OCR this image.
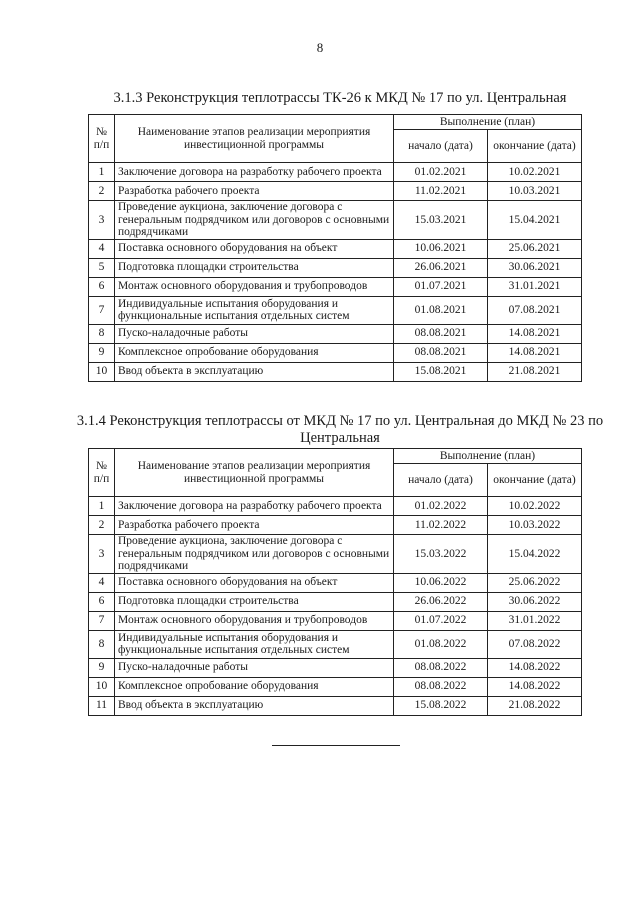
8
3.1.3 Реконструкция теплотрассы ТК-26 к МКД № 17 по ул. Центральная
№ п/п	Наименование этапов реализации мероприятия инвестиционной программы	Выполнение (план)	
		начало (дата)	окончание (дата)
1	Заключение договора на разработку рабочего проекта	01.02.2021	10.02.2021
2	Разработка рабочего проекта	11.02.2021	10.03.2021
3	Проведение аукциона, заключение договора с генеральным подрядчиком или договоров с основными подрядчиками	15.03.2021	15.04.2021
4	Поставка основного оборудования на объект	10.06.2021	25.06.2021
5	Подготовка площадки строительства	26.06.2021	30.06.2021
6	Монтаж основного оборудования и трубопроводов	01.07.2021	31.01.2021
7	Индивидуальные испытания оборудования и функциональные испытания отдельных систем	01.08.2021	07.08.2021
8	Пуско-наладочные работы	08.08.2021	14.08.2021
9	Комплексное опробование оборудования	08.08.2021	14.08.2021
10	Ввод объекта в эксплуатацию	15.08.2021	21.08.2021
3.1.4 Реконструкция теплотрассы от МКД № 17 по ул. Центральная до МКД № 23 по Центральная
№ п/п	Наименование этапов реализации мероприятия инвестиционной программы	Выполнение (план)	
		начало (дата)	окончание (дата)
1	Заключение договора на разработку рабочего проекта	01.02.2022	10.02.2022
2	Разработка рабочего проекта	11.02.2022	10.03.2022
3	Проведение аукциона, заключение договора с генеральным подрядчиком или договоров с основными подрядчиками	15.03.2022	15.04.2022
4	Поставка основного оборудования на объект	10.06.2022	25.06.2022
6	Подготовка площадки строительства	26.06.2022	30.06.2022
7	Монтаж основного оборудования и трубопроводов	01.07.2022	31.01.2022
8	Индивидуальные испытания оборудования и функциональные испытания отдельных систем	01.08.2022	07.08.2022
9	Пуско-наладочные работы	08.08.2022	14.08.2022
10	Комплексное опробование оборудования	08.08.2022	14.08.2022
11	Ввод объекта в эксплуатацию	15.08.2022	21.08.2022
